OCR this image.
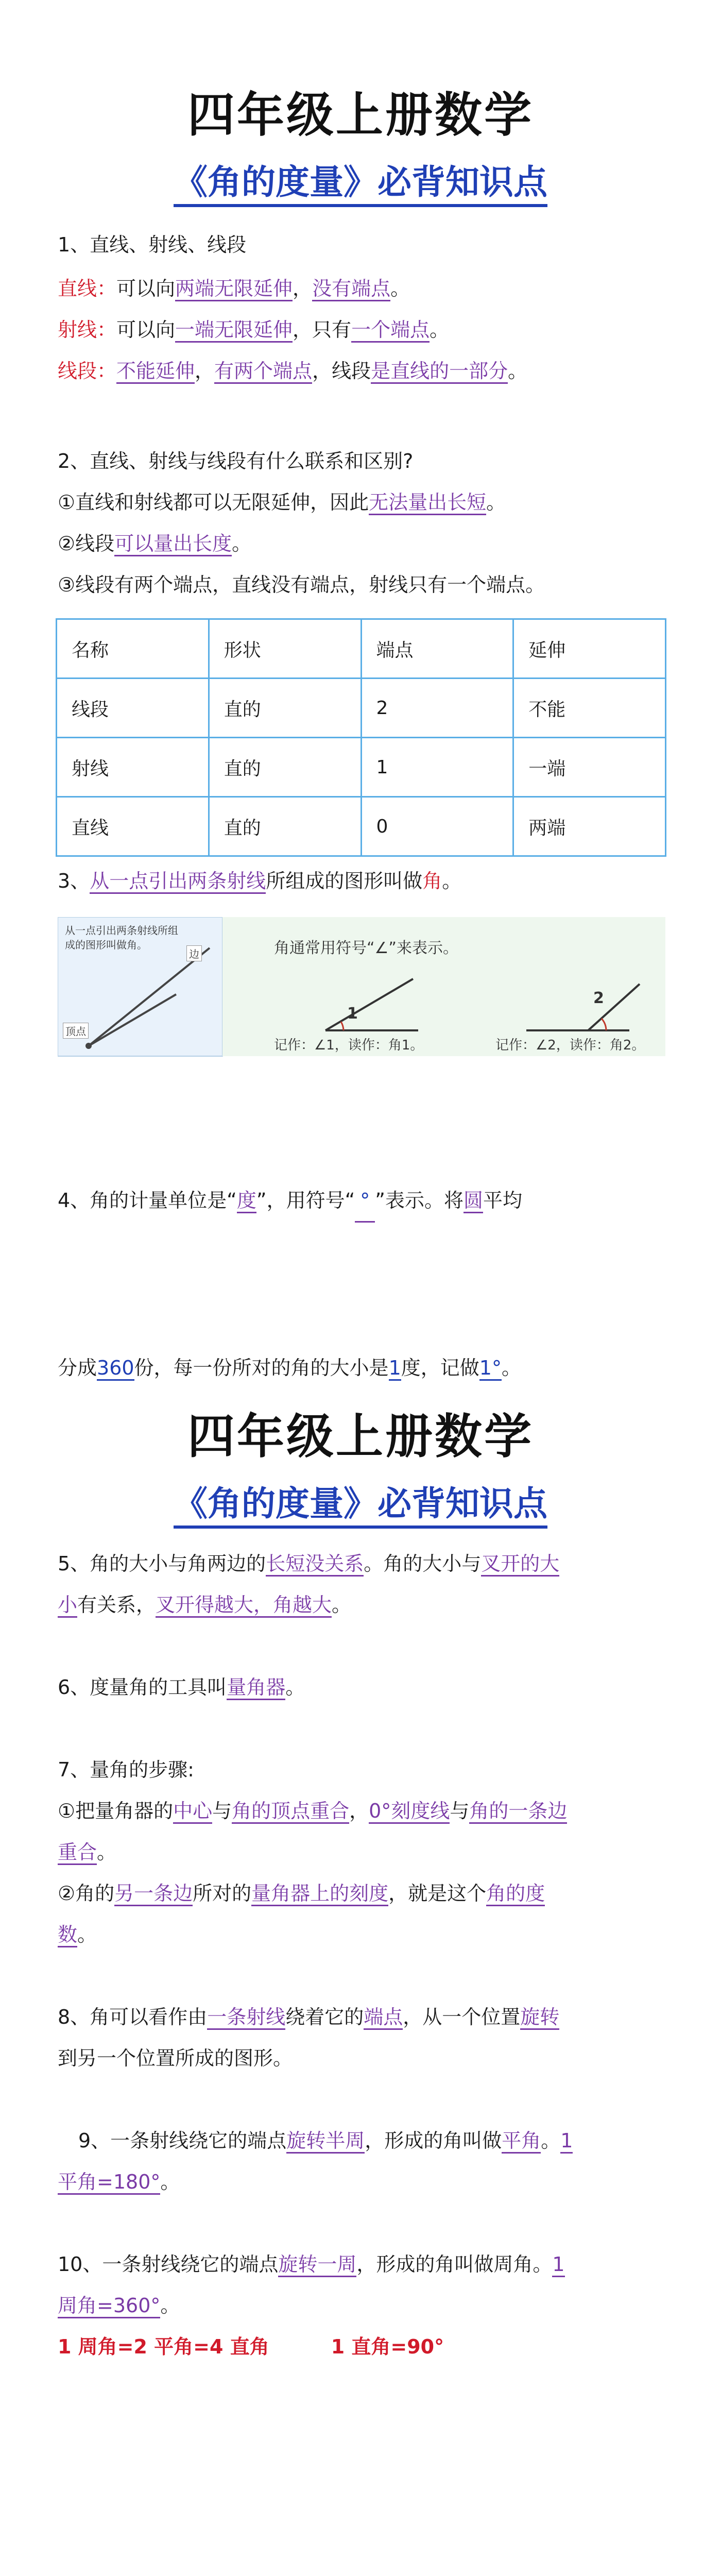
四年级上册数学
《角的度量》必背知识点
1、直线、射线、线段
直线：可以向两端无限延伸，没有端点。
射线：可以向一端无限延伸，只有一个端点。
线段：不能延伸，有两个端点，线段是直线的一部分。
2、直线、射线与线段有什么联系和区别?
①直线和射线都可以无限延伸，因此无法量出长短。
②线段可以量出长度。
③线段有两个端点，直线没有端点，射线只有一个端点。
名称	形状	端点	延伸
线段	直的	2	不能
射线	直的	1	一端
直线	直的	0	两端
3、从一点引出两条射线所组成的图形叫做角。
从一点引出两条射线所组成的图形叫做角。
顶点
边	角通常用符号“∠”来表示。
1
2
记作：∠1，读作：角1。	记作：∠2，读作：角2。
4、角的计量单位是“度”，用符号“ ° ”表示。将圆平均
分成360份，每一份所对的角的大小是1度，记做1°。
四年级上册数学
《角的度量》必背知识点
5、角的大小与角两边的长短没关系。角的大小与叉开的大
小有关系，叉开得越大，角越大。
6、度量角的工具叫量角器。
7、量角的步骤:
①把量角器的中心与角的顶点重合，0°刻度线与角的一条边
重合。
②角的另一条边所对的量角器上的刻度，就是这个角的度
数。
8、角可以看作由一条射线绕着它的端点，从一个位置旋转
到另一个位置所成的图形。
9、一条射线绕它的端点旋转半周，形成的角叫做平角。1
平角=180°。
10、一条射线绕它的端点旋转一周，形成的角叫做周角。1
周角=360°。
1 周角=2 平角=4 直角	1 直角=90°
